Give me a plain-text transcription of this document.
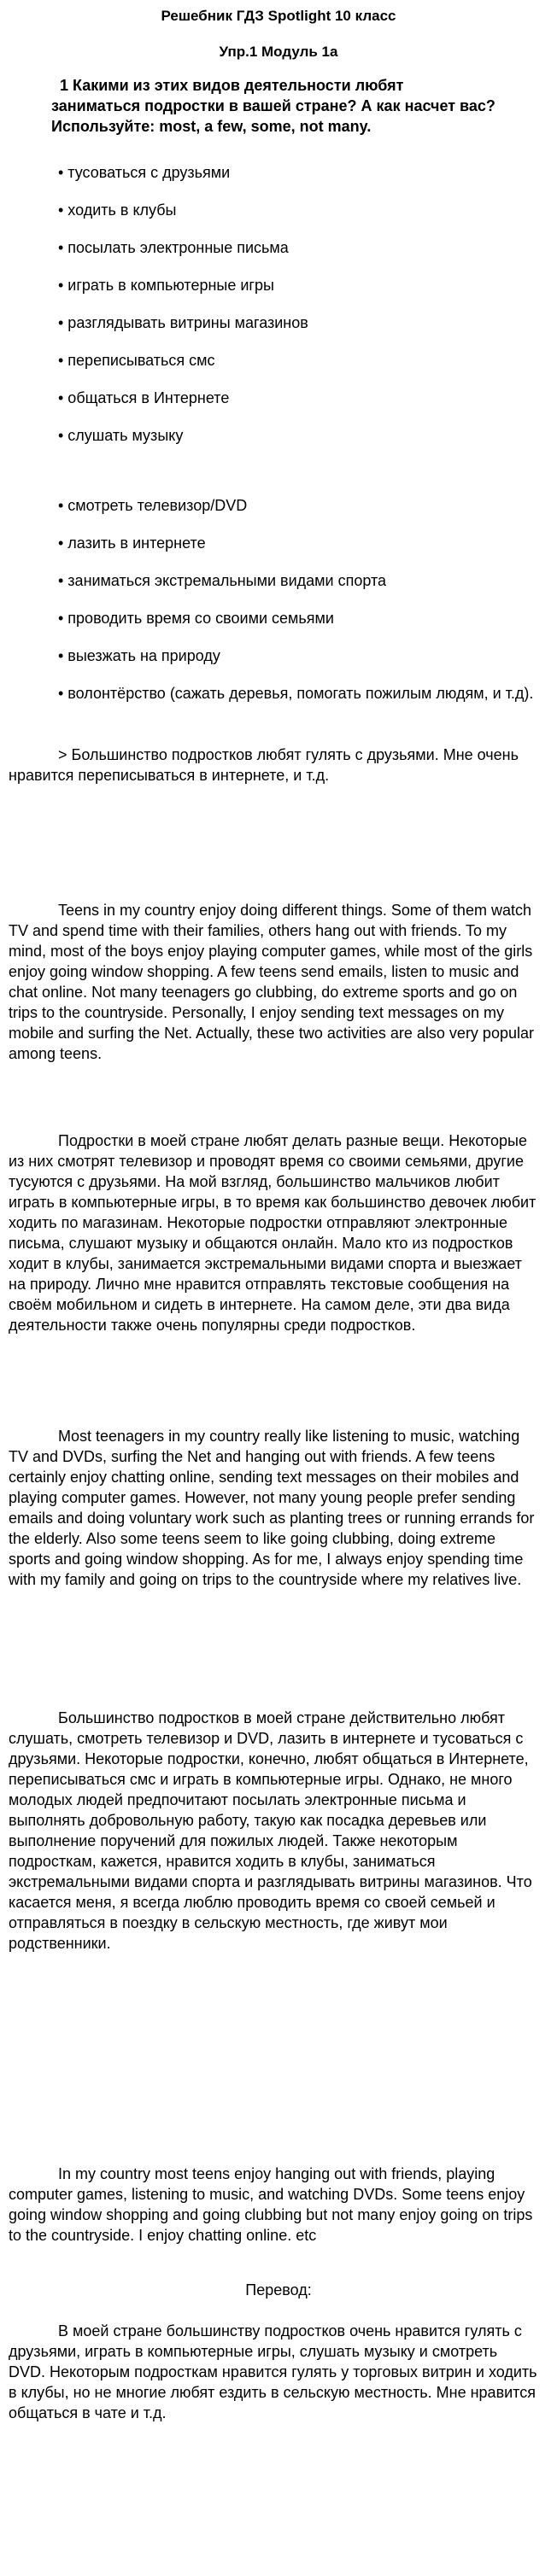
Решебник ГДЗ Spotlight 10 класс
Упр.1 Модуль 1а
1 Какими из этих видов деятельности любят заниматься подростки в вашей стране? А как насчет вас? Используйте: most, a few, some, not many.
• тусоваться с друзьями
• ходить в клубы
• посылать электронные письма
• играть в компьютерные игры
• разглядывать витрины магазинов
• переписываться смс
• общаться в Интернете
• слушать музыку
• смотреть телевизор/DVD
• лазить в интернете
• заниматься экстремальными видами спорта
• проводить время со своими семьями
• выезжать на природу
• волонтёрство (сажать деревья, помогать пожилым людям, и т.д).
> Большинство подростков любят гулять с друзьями. Мне очень нравится переписываться в интернете, и т.д.
Teens in my country enjoy doing different things. Some of them watch TV and spend time with their families, others hang out with friends. To my mind, most of the boys enjoy playing computer games, while most of the girls enjoy going window shopping. A few teens send emails, listen to music and chat online. Not many teenagers go clubbing, do extreme sports and go on trips to the countryside. Personally, I enjoy sending text messages on my mobile and surfing the Net. Actually, these two activities are also very popular among teens.
Подростки в моей стране любят делать разные вещи. Некоторые из них смотрят телевизор и проводят время со своими семьями, другие тусуются с друзьями. На мой взгляд, большинство мальчиков любит играть в компьютерные игры, в то время как большинство девочек любит ходить по магазинам. Некоторые подростки отправляют электронные письма, слушают музыку и общаются онлайн. Мало кто из подростков ходит в клубы, занимается экстремальными видами спорта и выезжает на природу. Лично мне нравится отправлять текстовые сообщения на своём мобильном и сидеть в интернете. На самом деле, эти два вида деятельности также очень популярны среди подростков.
Most teenagers in my country really like listening to music, watching TV and DVDs, surfing the Net and hanging out with friends. A few teens certainly enjoy chatting online, sending text messages on their mobiles and playing computer games. However, not many young people prefer sending emails and doing voluntary work such as planting trees or running errands for the elderly. Also some teens seem to like going clubbing, doing extreme sports and going window shopping. As for me, I always enjoy spending time with my family and going on trips to the countryside where my relatives live.
Большинство подростков в моей стране действительно любят слушать, смотреть телевизор и DVD, лазить в интернете и тусоваться с друзьями. Некоторые подростки, конечно, любят общаться в Интернете, переписываться смс и играть в компьютерные игры. Однако, не много молодых людей предпочитают посылать электронные письма и выполнять добровольную работу, такую как посадка деревьев или выполнение поручений для пожилых людей. Также некоторым подросткам, кажется, нравится ходить в клубы, заниматься экстремальными видами спорта и разглядывать витрины магазинов. Что касается меня, я всегда люблю проводить время со своей семьей и отправляться в поездку в сельскую местность, где живут мои родственники.
In my country most teens enjoy hanging out with friends, playing computer games, listening to music, and watching DVDs. Some teens enjoy going window shopping and going clubbing but not many enjoy going on trips to the countryside. I enjoy chatting online. etc
Перевод:
В моей стране большинству подростков очень нравится гулять с друзьями, играть в компьютерные игры, слушать музыку и смотреть DVD. Некоторым подросткам нравится гулять у торговых витрин и ходить в клубы, но не многие любят ездить в сельскую местность. Мне нравится общаться в чате и т.д.
